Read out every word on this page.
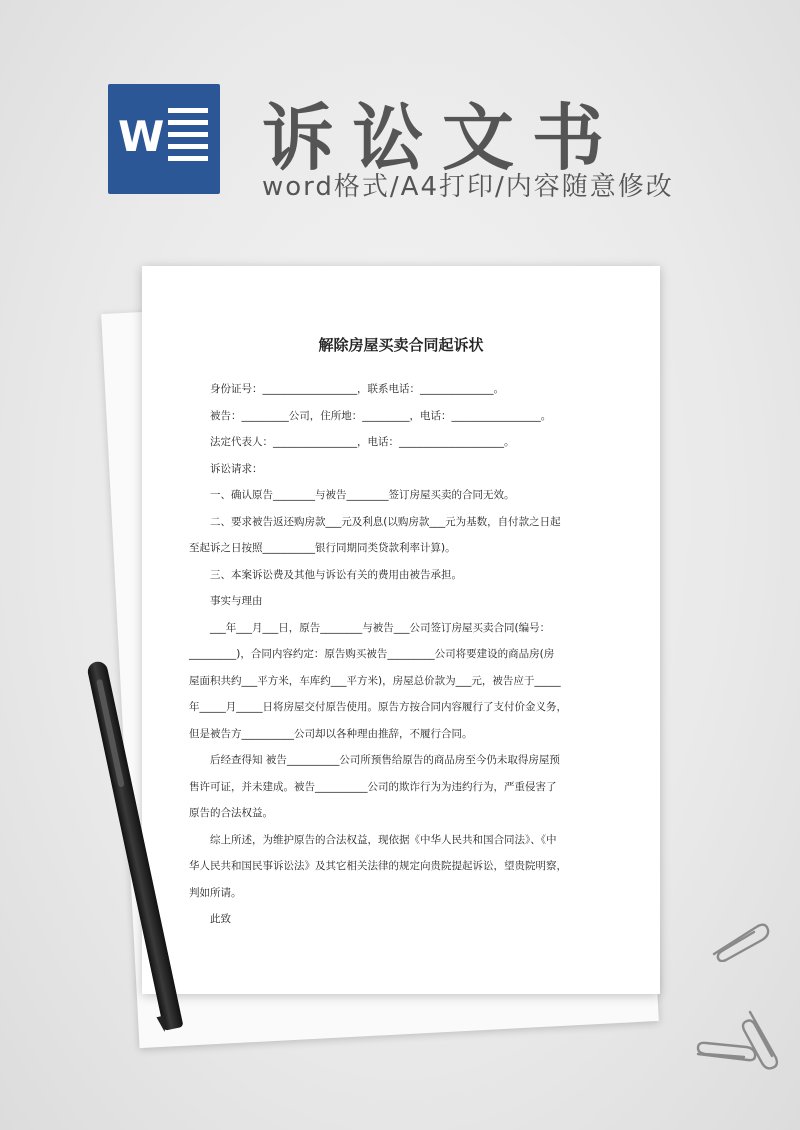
W 诉讼文书
word格式/A4打印/内容随意修改
解除房屋买卖合同起诉状

身份证号：__________________，联系电话：______________。

被告：_________公司，住所地：_________，电话：_________________。

法定代表人：________________，电话：____________________。

诉讼请求：

一、确认原告________与被告________签订房屋买卖的合同无效。

二、要求被告返还购房款___元及利息(以购房款___元为基数，自付款之日起

至起诉之日按照__________银行同期同类贷款利率计算)。

三、本案诉讼费及其他与诉讼有关的费用由被告承担。

事实与理由

___年___月___日，原告________与被告___公司签订房屋买卖合同(编号：

_________)，合同内容约定：原告购买被告_________公司将要建设的商品房(房

屋面积共约___平方米，车库约___平方米)，房屋总价款为___元，被告应于_____

年_____月_____日将房屋交付原告使用。原告方按合同内容履行了支付价金义务，

但是被告方__________公司却以各种理由推辞，不履行合同。

后经查得知 被告__________公司所预售给原告的商品房至今仍未取得房屋预

售许可证，并未建成。被告__________公司的欺诈行为为违约行为，严重侵害了

原告的合法权益。

综上所述，为维护原告的合法权益，现依据《中华人民共和国合同法》、《中

华人民共和国民事诉讼法》及其它相关法律的规定向贵院提起诉讼，望贵院明察，

判如所请。

此致
